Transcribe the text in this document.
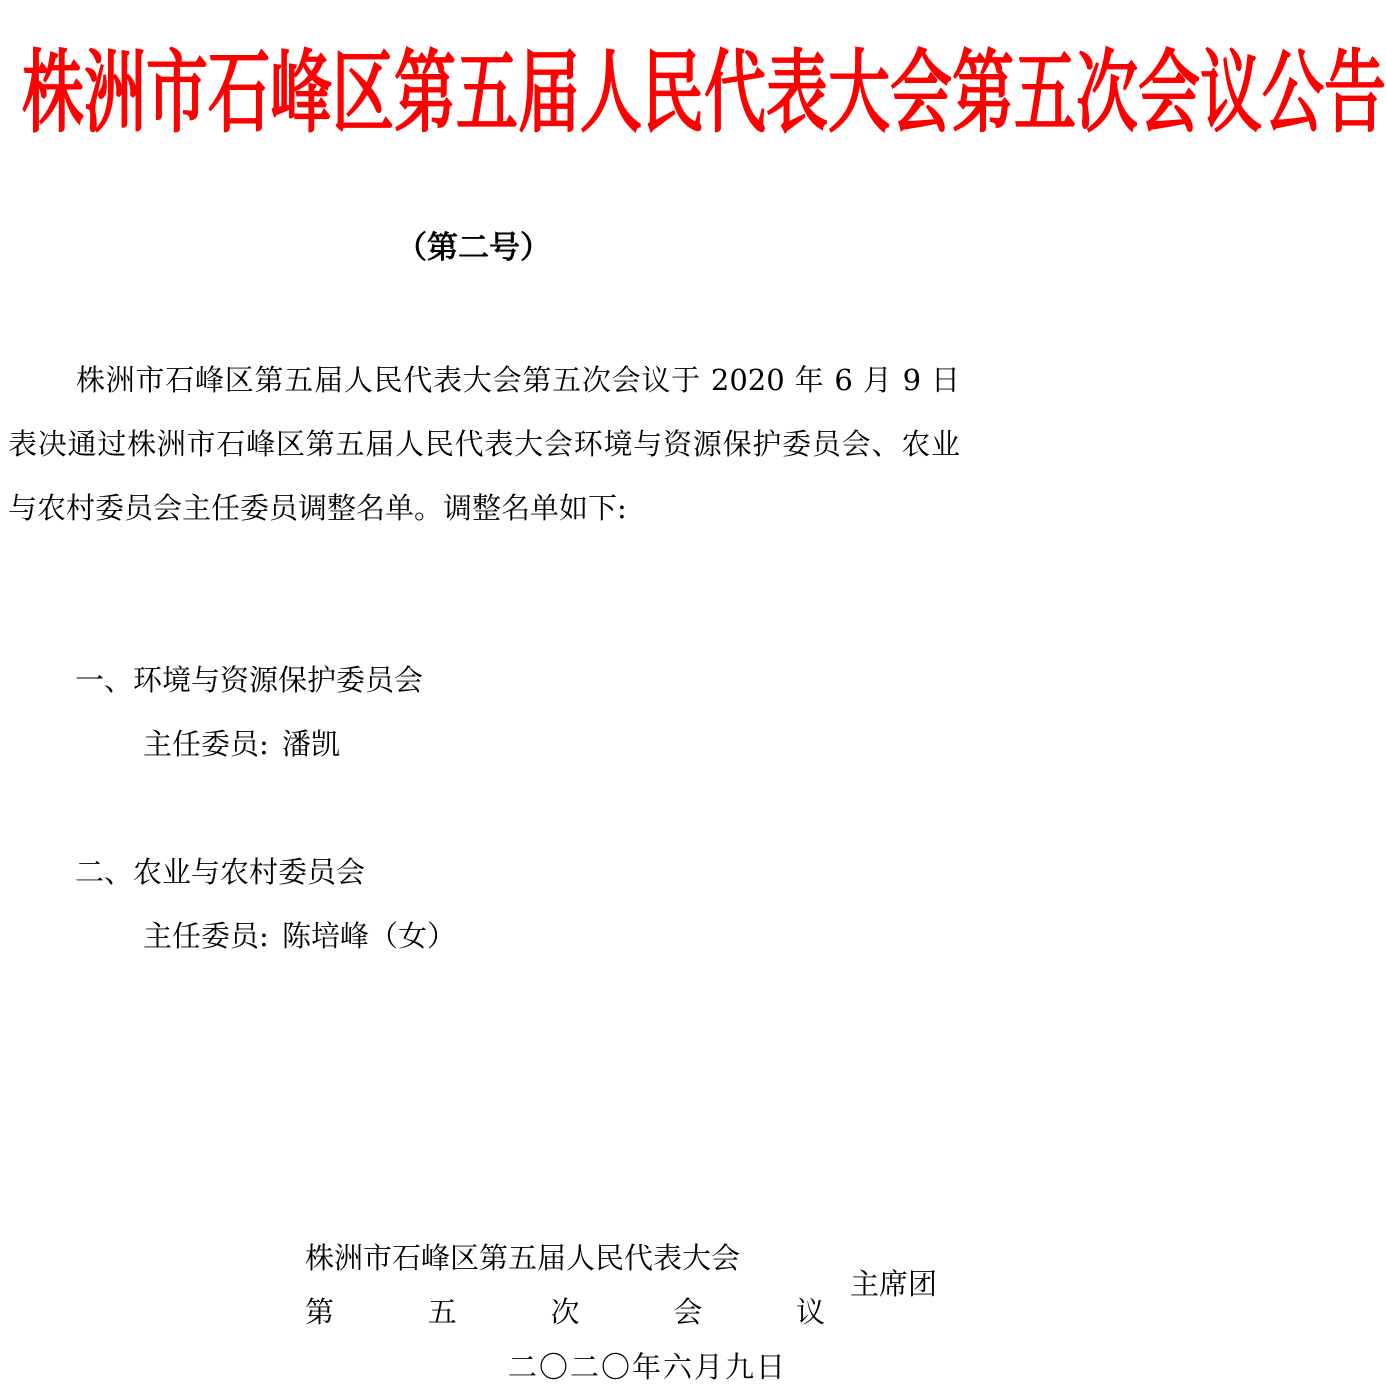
株洲市石峰区第五届人民代表大会第五次会议公告
（第二号）
株洲市石峰区第五届人民代表大会第五次会议于 2020 年 6 月 9 日表决通过株洲市石峰区第五届人民代表大会环境与资源保护委员会、农业与农村委员会主任委员调整名单。调整名单如下:
一、环境与资源保护委员会
主任委员: 潘凯
二、农业与农村委员会
主任委员: 陈培峰（女）
株洲市石峰区第五届人民代表大会
第	五	次	会	议
主席团
二〇二〇年六月九日
